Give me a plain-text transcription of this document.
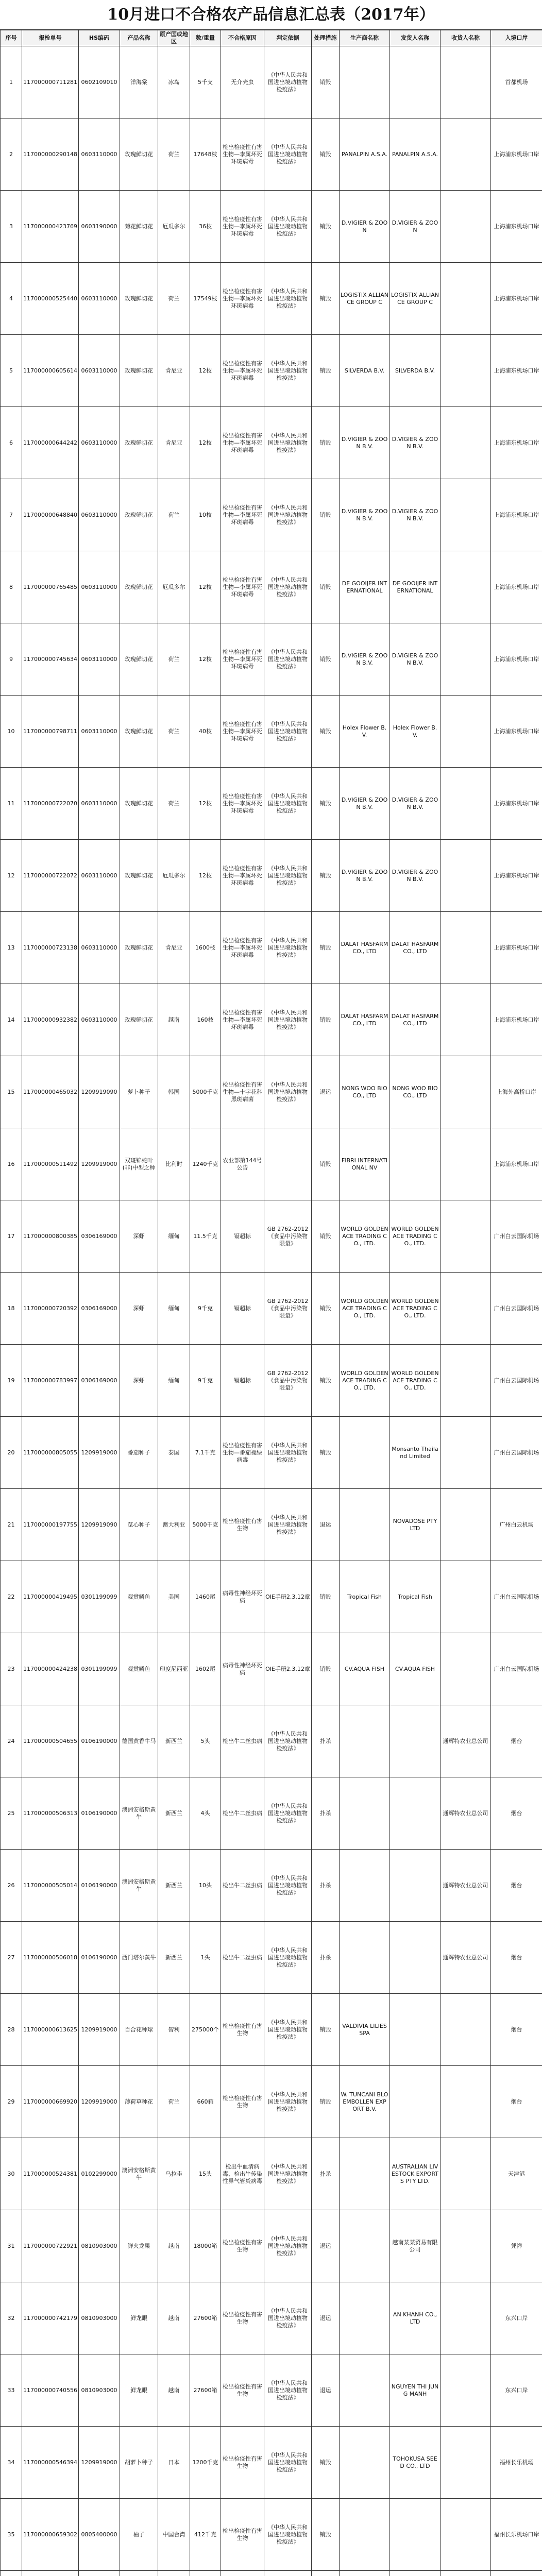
10月进口不合格农产品信息汇总表（2017年）
序号	报检单号	HS编码	产品名称	原产国或地区	数/重量	不合格原因	判定依据	处理措施	生产商名称	发货人名称	收货人名称	入境口岸
1	117000000711281	0602109010	洋海棠	冰岛	5千支	无介壳虫	《中华人民共和国进出境动植物检疫法》	销毁				首都机场
2	117000000290148	0603110000	玫瑰鲜切花	荷兰	17648枝	检出检疫性有害生物—李属坏死环斑病毒	《中华人民共和国进出境动植物检疫法》	销毁	PANALPIN A.S.A.	PANALPIN A.S.A.		上海浦东机场口岸
3	117000000423769	0603190000	菊花鲜切花	厄瓜多尔	36枝	检出检疫性有害生物—李属坏死环斑病毒	《中华人民共和国进出境动植物检疫法》	销毁	D.VIGIER & ZOON	D.VIGIER & ZOON		上海浦东机场口岸
4	117000000525440	0603110000	玫瑰鲜切花	荷兰	17549枝	检出检疫性有害生物—李属坏死环斑病毒	《中华人民共和国进出境动植物检疫法》	销毁	LOGISTIX ALLIANCE GROUP C	LOGISTIX ALLIANCE GROUP C		上海浦东机场口岸
5	117000000605614	0603110000	玫瑰鲜切花	肯尼亚	12枝	检出检疫性有害生物—李属坏死环斑病毒	《中华人民共和国进出境动植物检疫法》	销毁	SILVERDA B.V.	SILVERDA B.V.		上海浦东机场口岸
6	117000000644242	0603110000	玫瑰鲜切花	肯尼亚	12枝	检出检疫性有害生物—李属坏死环斑病毒	《中华人民共和国进出境动植物检疫法》	销毁	D.VIGIER & ZOON B.V.	D.VIGIER & ZOON B.V.		上海浦东机场口岸
7	117000000648840	0603110000	玫瑰鲜切花	荷兰	10枝	检出检疫性有害生物—李属坏死环斑病毒	《中华人民共和国进出境动植物检疫法》	销毁	D.VIGIER & ZOON B.V.	D.VIGIER & ZOON B.V.		上海浦东机场口岸
8	117000000765485	0603110000	玫瑰鲜切花	厄瓜多尔	12枝	检出检疫性有害生物—李属坏死环斑病毒	《中华人民共和国进出境动植物检疫法》	销毁	DE GOOIJER INTERNATIONAL	DE GOOIJER INTERNATIONAL		上海浦东机场口岸
9	117000000745634	0603110000	玫瑰鲜切花	荷兰	12枝	检出检疫性有害生物—李属坏死环斑病毒	《中华人民共和国进出境动植物检疫法》	销毁	D.VIGIER & ZOON B.V.	D.VIGIER & ZOON B.V.		上海浦东机场口岸
10	117000000798711	0603110000	玫瑰鲜切花	荷兰	40枝	检出检疫性有害生物—李属坏死环斑病毒	《中华人民共和国进出境动植物检疫法》	销毁	Holex Flower B.V.	Holex Flower B.V.		上海浦东机场口岸
11	117000000722070	0603110000	玫瑰鲜切花	荷兰	12枝	检出检疫性有害生物—李属坏死环斑病毒	《中华人民共和国进出境动植物检疫法》	销毁	D.VIGIER & ZOON B.V.	D.VIGIER & ZOON B.V.		上海浦东机场口岸
12	117000000722072	0603110000	玫瑰鲜切花	厄瓜多尔	12枝	检出检疫性有害生物—李属坏死环斑病毒	《中华人民共和国进出境动植物检疫法》	销毁	D.VIGIER & ZOON B.V.	D.VIGIER & ZOON B.V.		上海浦东机场口岸
13	117000000723138	0603110000	玫瑰鲜切花	肯尼亚	1600枝	检出检疫性有害生物—李属坏死环斑病毒	《中华人民共和国进出境动植物检疫法》	销毁	DALAT HASFARM CO., LTD	DALAT HASFARM CO., LTD		上海浦东机场口岸
14	117000000932382	0603110000	玫瑰鲜切花	越南	160枝	检出检疫性有害生物—李属坏死环斑病毒	《中华人民共和国进出境动植物检疫法》	销毁	DALAT HASFARM CO., LTD	DALAT HASFARM CO., LTD		上海浦东机场口岸
15	117000000465032	1209919090	萝卜种子	韩国	5000千克	检出检疫性有害生物—十字花科黑斑病菌	《中华人民共和国进出境动植物检疫法》	退运	NONG WOO BIO CO., LTD	NONG WOO BIO CO., LTD		上海外高桥口岸
16	117000000511492	1209919000	双斑锦蛇叶(非)中型之种	比利时	1240千克	农业部第144号公告		销毁	FIBRI INTERNATIONAL NV			上海浦东机场口岸
17	117000000800385	0306169000	深虾	缅甸	11.5千克	镉超标	GB 2762-2012《食品中污染物限量》	销毁	WORLD GOLDEN ACE TRADING CO., LTD.	WORLD GOLDEN ACE TRADING CO., LTD.		广州白云国际机场
18	117000000720392	0306169000	深虾	缅甸	9千克	镉超标	GB 2762-2012《食品中污染物限量》	销毁	WORLD GOLDEN ACE TRADING CO., LTD.	WORLD GOLDEN ACE TRADING CO., LTD.		广州白云国际机场
19	117000000783997	0306169000	深虾	缅甸	9千克	镉超标	GB 2762-2012《食品中污染物限量》	销毁	WORLD GOLDEN ACE TRADING CO., LTD.	WORLD GOLDEN ACE TRADING CO., LTD.		广州白云国际机场
20	117000000805055	1209919000	番茄种子	泰国	7.1千克	检出检疫性有害生物—番茄褪绿病毒	《中华人民共和国进出境动植物检疫法》	销毁		Monsanto Thailand Limited		广州白云国际机场
21	117000000197755	1209919090	苋心种子	澳大利亚	5000千克	检出检疫性有害生物	《中华人民共和国进出境动植物检疫法》	退运		NOVADOSE PTY LTD		广州白云机场
22	117000000419495	0301199099	观赏鳞鱼	美国	1460尾	病毒性神经坏死病	OIE手册2.3.12章	销毁	Tropical Fish	Tropical Fish		广州白云国际机场
23	117000000424238	0301199099	观赏鳞鱼	印度尼西亚	1602尾	病毒性神经坏死病	OIE手册2.3.12章	销毁	CV.AQUA FISH	CV.AQUA FISH		广州白云国际机场
24	117000000504655	0106190000	德国黄香牛马	新西兰	5头	检出牛二丝虫病	《中华人民共和国进出境动植物检疫法》	扑杀			通辉特农业总公司	烟台
25	117000000506313	0106190000	澳洲安格斯黄牛	新西兰	4头	检出牛二丝虫病	《中华人民共和国进出境动植物检疫法》	扑杀			通辉特农业总公司	烟台
26	117000000505014	0106190000	澳洲安格斯黄牛	新西兰	10头	检出牛二丝虫病	《中华人民共和国进出境动植物检疫法》	扑杀			通辉特农业总公司	烟台
27	117000000506018	0106190000	西门塔尔黄牛	新西兰	1头	检出牛二丝虫病	《中华人民共和国进出境动植物检疫法》	扑杀			通辉特农业总公司	烟台
28	117000000613625	1209919000	百合花种球	智利	275000个	检出检疫性有害生物	《中华人民共和国进出境动植物检疫法》	销毁	VALDIVIA LILIES SPA			烟台
29	117000000669920	1209919000	薄荷草种花	荷兰	660箱	检出检疫性有害生物	《中华人民共和国进出境动植物检疫法》	销毁	W. TUNCANI BLOEMBOLLEN EXPORT B.V.			烟台
30	117000000524381	0102299000	澳洲安格斯黄牛	乌拉圭	15头	检出牛血清病毒、检出牛传染性鼻气管炎病毒	《中华人民共和国进出境动植物检疫法》	扑杀		AUSTRALIAN LIVESTOCK EXPORTS PTY LTD.		天津港
31	117000000722921	0810903000	鲜火龙果	越南	18000箱	检出检疫性有害生物	《中华人民共和国进出境动植物检疫法》	退运		越南某某贸易有限公司		凭祥
32	117000000742179	0810903000	鲜龙眼	越南	27600箱	检出检疫性有害生物	《中华人民共和国进出境动植物检疫法》	退运		AN KHANH CO., LTD		东兴口岸
33	117000000740556	0810903000	鲜龙眼	越南	27600箱	检出检疫性有害生物	《中华人民共和国进出境动植物检疫法》	退运		NGUYEN THI JUNG MANH		东兴口岸
34	117000000546394	1209919000	胡萝卜种子	日本	1200千克	检出检疫性有害生物	《中华人民共和国进出境动植物检疫法》	销毁		TOHOKUSA SEED CO., LTD		福州长乐机场
35	117000000659302	0805400000	柚子	中国台湾	412千克	检出检疫性有害生物	《中华人民共和国进出境动植物检疫法》	销毁				福州长乐机场口岸
